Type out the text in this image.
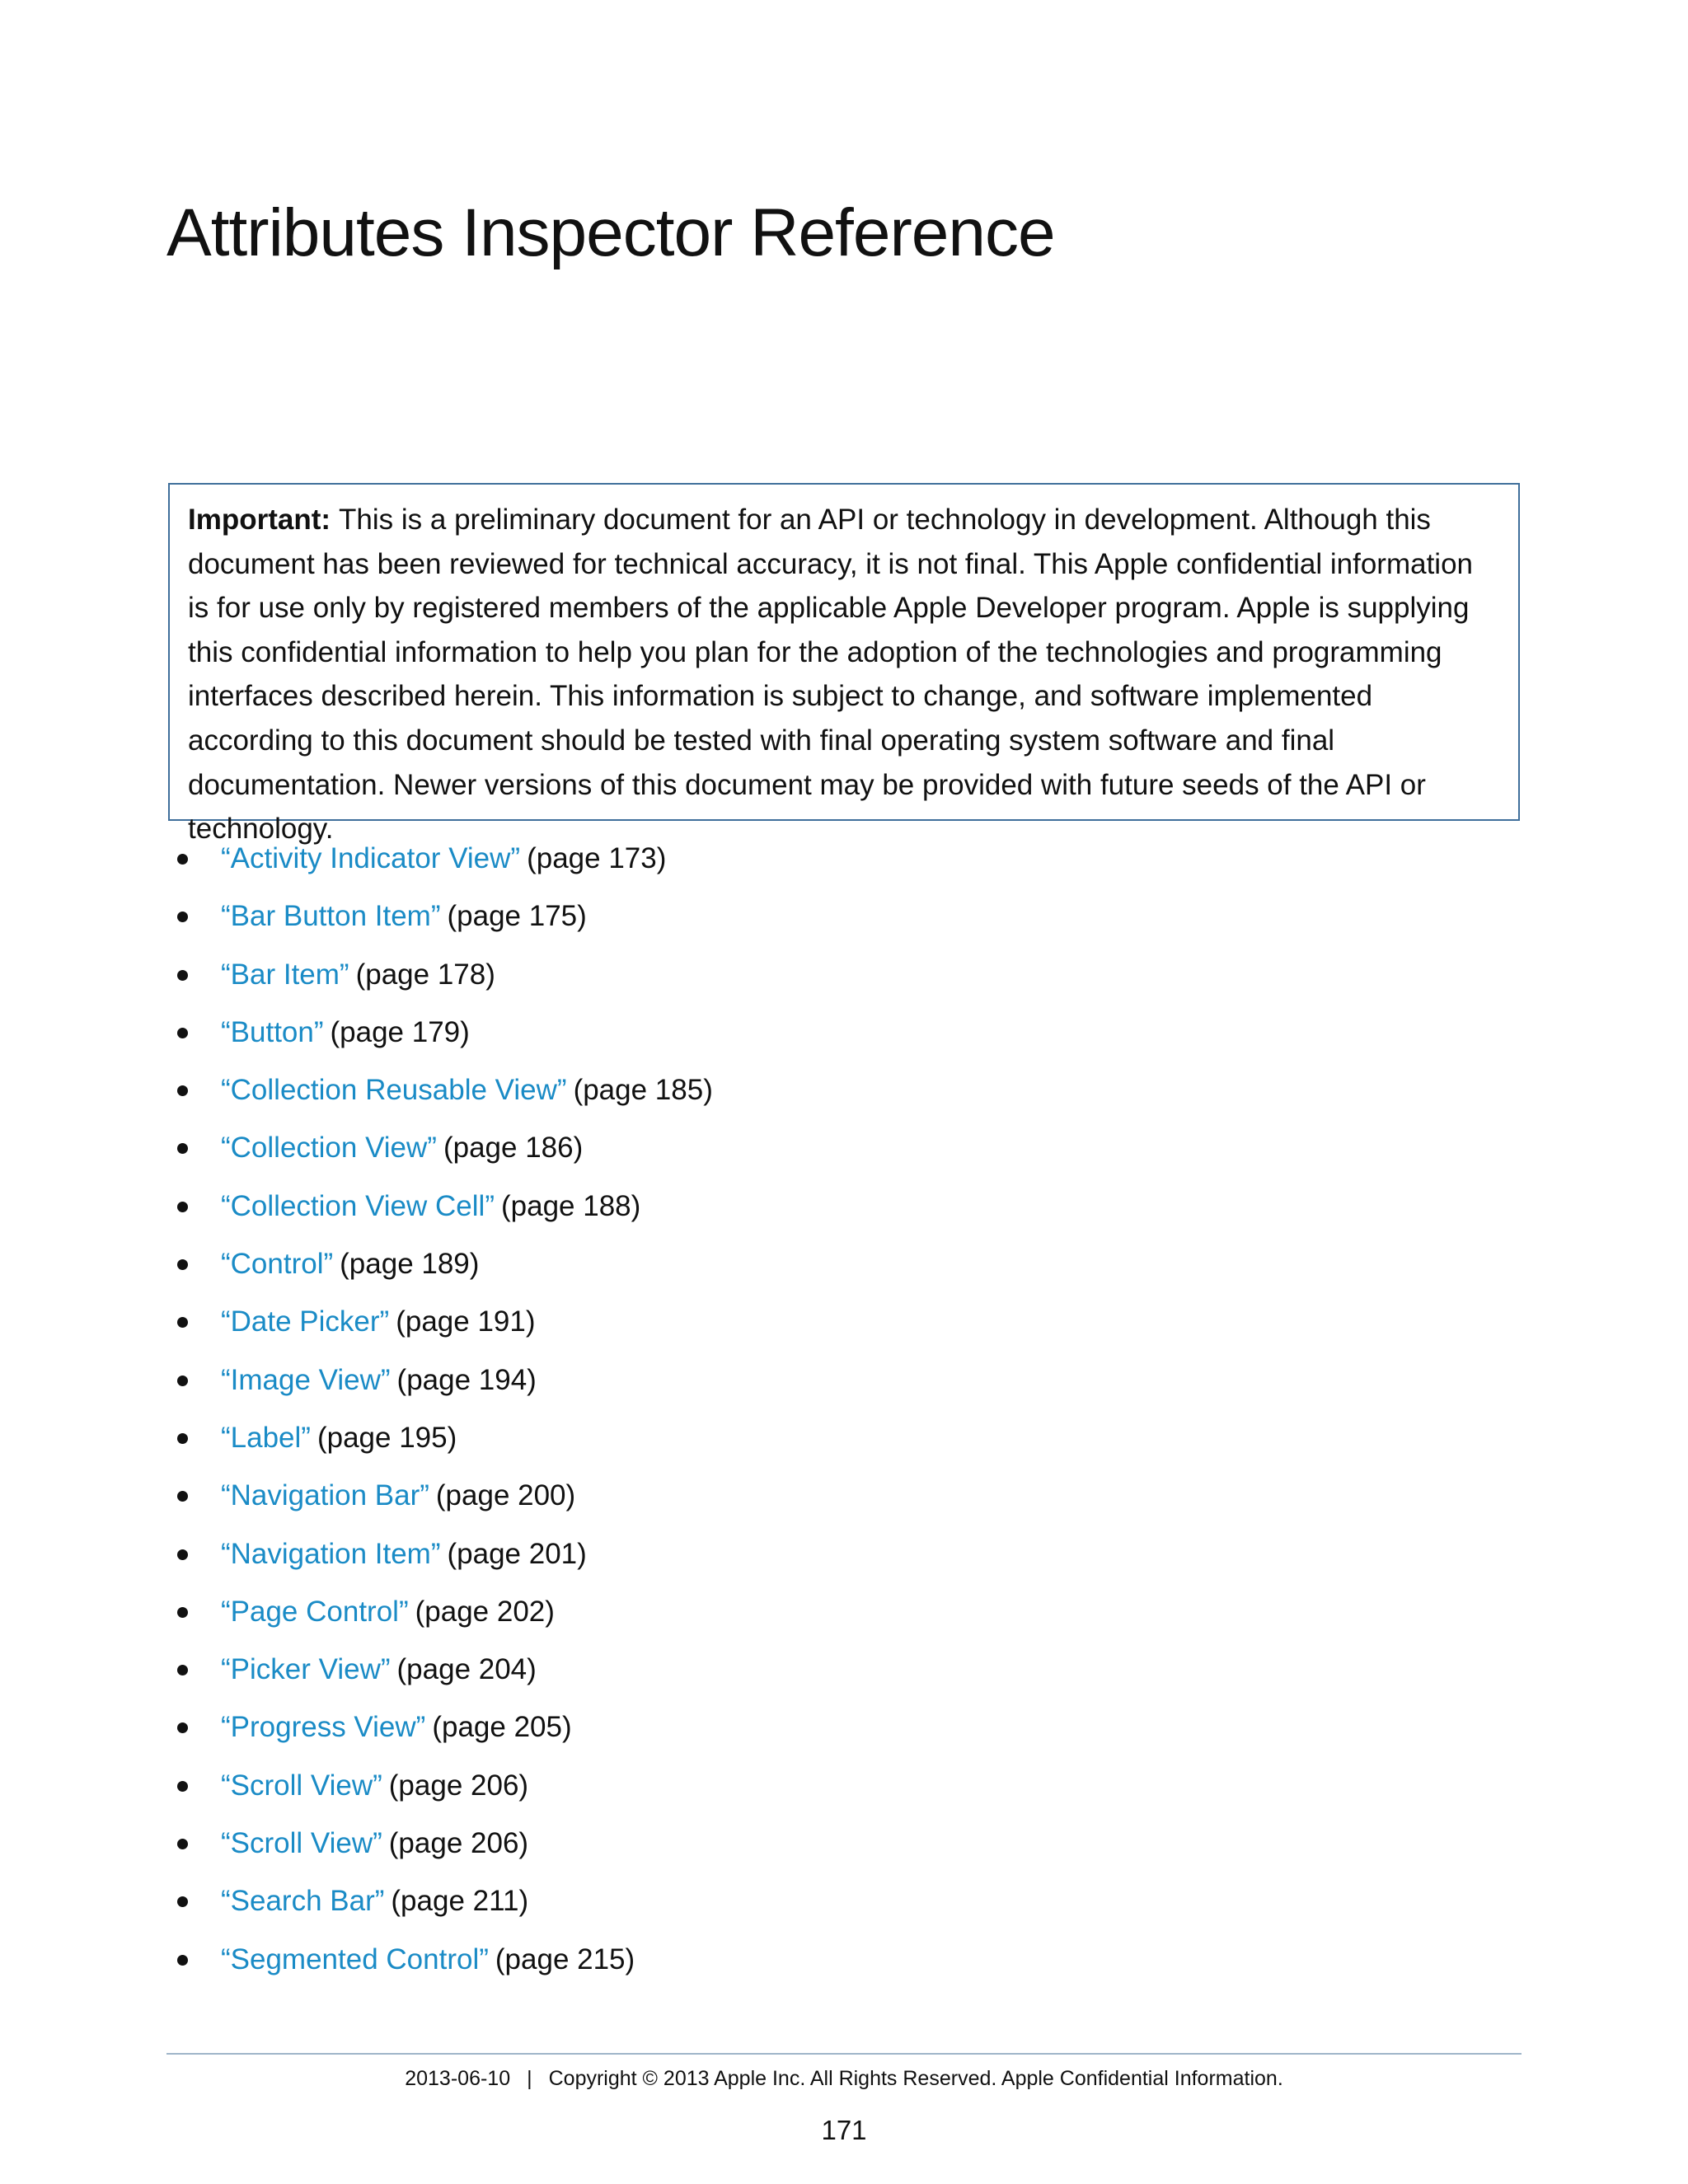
Attributes Inspector Reference
Important: This is a preliminary document for an API or technology in development. Although this document has been reviewed for technical accuracy, it is not final. This Apple confidential information is for use only by registered members of the applicable Apple Developer program. Apple is supplying this confidential information to help you plan for the adoption of the technologies and programming interfaces described herein. This information is subject to change, and software implemented according to this document should be tested with final operating system software and final documentation. Newer versions of this document may be provided with future seeds of the API or technology.
“Activity Indicator View” (page 173)
“Bar Button Item” (page 175)
“Bar Item” (page 178)
“Button” (page 179)
“Collection Reusable View” (page 185)
“Collection View” (page 186)
“Collection View Cell” (page 188)
“Control” (page 189)
“Date Picker” (page 191)
“Image View” (page 194)
“Label” (page 195)
“Navigation Bar” (page 200)
“Navigation Item” (page 201)
“Page Control” (page 202)
“Picker View” (page 204)
“Progress View” (page 205)
“Scroll View” (page 206)
“Scroll View” (page 206)
“Search Bar” (page 211)
“Segmented Control” (page 215)
2013-06-10 | Copyright © 2013 Apple Inc. All Rights Reserved. Apple Confidential Information.
171
